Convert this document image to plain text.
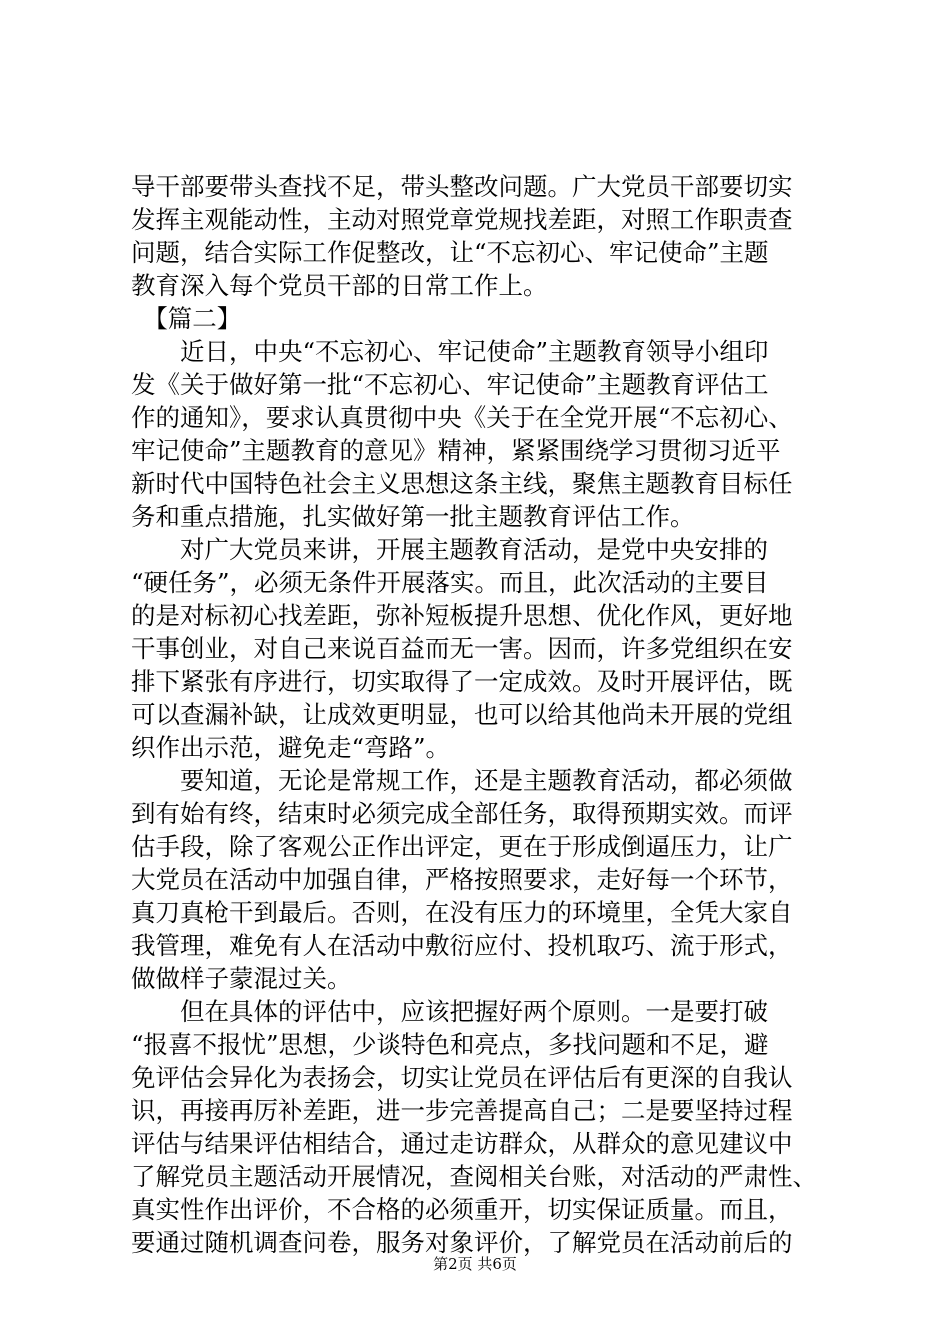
导干部要带头查找不足，带头整改问题。广大党员干部要切实
发挥主观能动性，主动对照党章党规找差距，对照工作职责查
问题，结合实际工作促整改，让“不忘初心、牢记使命”主题
教育深入每个党员干部的日常工作上。
　【篇二】
　　近日，中央“不忘初心、牢记使命”主题教育领导小组印
发《关于做好第一批“不忘初心、牢记使命”主题教育评估工
作的通知》，要求认真贯彻中央《关于在全党开展“不忘初心、
牢记使命”主题教育的意见》精神，紧紧围绕学习贯彻习近平
新时代中国特色社会主义思想这条主线，聚焦主题教育目标任
务和重点措施，扎实做好第一批主题教育评估工作。
　　对广大党员来讲，开展主题教育活动，是党中央安排的
“硬任务”，必须无条件开展落实。而且，此次活动的主要目
的是对标初心找差距，弥补短板提升思想、优化作风，更好地
干事创业，对自己来说百益而无一害。因而，许多党组织在安
排下紧张有序进行，切实取得了一定成效。及时开展评估，既
可以查漏补缺，让成效更明显，也可以给其他尚未开展的党组
织作出示范，避免走“弯路”。
　　要知道，无论是常规工作，还是主题教育活动，都必须做
到有始有终，结束时必须完成全部任务，取得预期实效。而评
估手段，除了客观公正作出评定，更在于形成倒逼压力，让广
大党员在活动中加强自律，严格按照要求，走好每一个环节，
真刀真枪干到最后。否则，在没有压力的环境里，全凭大家自
我管理，难免有人在活动中敷衍应付、投机取巧、流于形式，
做做样子蒙混过关。
　　但在具体的评估中，应该把握好两个原则。一是要打破
“报喜不报忧”思想，少谈特色和亮点，多找问题和不足，避
免评估会异化为表扬会，切实让党员在评估后有更深的自我认
识，再接再厉补差距，进一步完善提高自己；二是要坚持过程
评估与结果评估相结合，通过走访群众，从群众的意见建议中
了解党员主题活动开展情况，查阅相关台账，对活动的严肃性、
真实性作出评价，不合格的必须重开，切实保证质量。而且，
要通过随机调查问卷，服务对象评价，了解党员在活动前后的
第2页 共6页
